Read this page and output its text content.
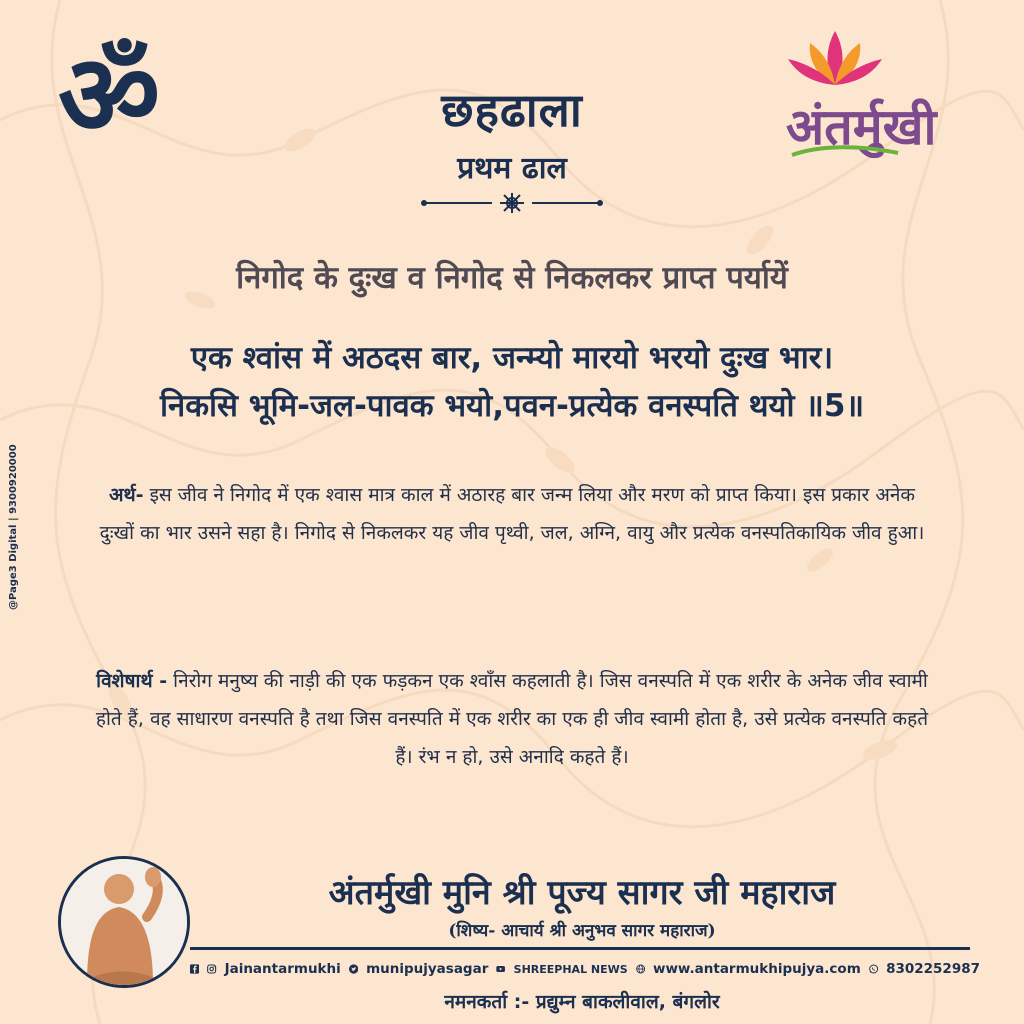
ॐ	छहढाला
प्रथम ढाल
अंतर्मुखी
निगोद के दुःख व निगोद से निकलकर प्राप्त पर्यायें
एक श्वांस में अठदस बार, जन्म्यो मारयो भरयो दुःख भार।
निकसि भूमि-जल-पावक भयो,पवन-प्रत्येक वनस्पति थयो ॥5॥
@Page3 Digital | 9300920000	अर्थ- इस जीव ने निगोद में एक श्वास मात्र काल में अठारह बार जन्म लिया और मरण को प्राप्त किया। इस प्रकार अनेक दुःखों का भार उसने सहा है। निगोद से निकलकर यह जीव पृथ्वी, जल, अग्नि, वायु और प्रत्येक वनस्पतिकायिक जीव हुआ।
विशेषार्थ - निरोग मनुष्य की नाड़ी की एक फड़कन एक श्वाँस कहलाती है। जिस वनस्पति में एक शरीर के अनेक जीव स्वामी होते हैं, वह साधारण वनस्पति है तथा जिस वनस्पति में एक शरीर का एक ही जीव स्वामी होता है, उसे प्रत्येक वनस्पति कहते हैं। रंभ न हो, उसे अनादि कहते हैं।
अंतर्मुखी मुनि श्री पूज्य सागर जी महाराज
(शिष्य- आचार्य श्री अनुभव सागर महाराज)
Jainantarmukhi munipujyasagar SHREEPHAL NEWS www.antarmukhipujya.com 8302252987
नमनकर्ता :- प्रद्युम्न बाकलीवाल, बंगलोर
